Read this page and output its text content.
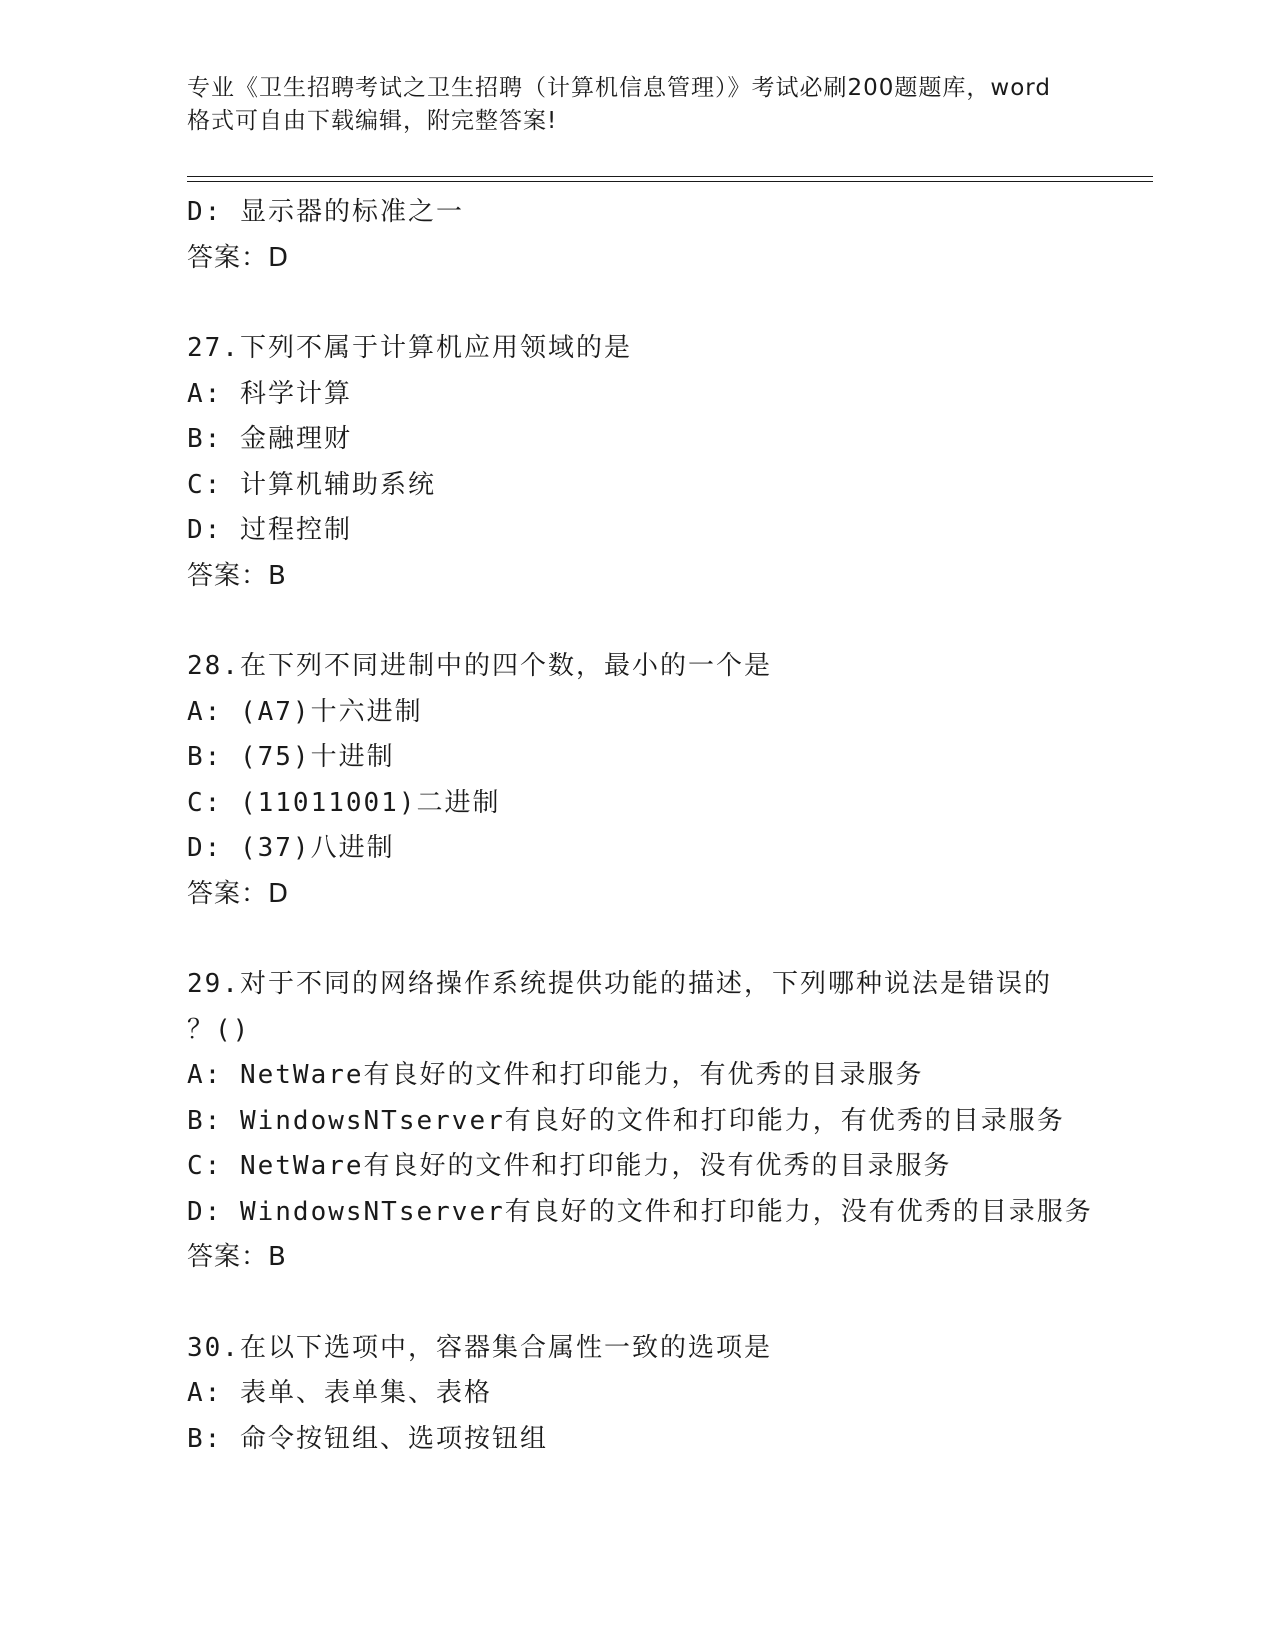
专业《卫生招聘考试之卫生招聘（计算机信息管理）》考试必刷200题题库，word
格式可自由下载编辑，附完整答案!
D: 显示器的标准之一
答案：D
27.下列不属于计算机应用领域的是
A: 科学计算
B: 金融理财
C: 计算机辅助系统
D: 过程控制
答案：B
28.在下列不同进制中的四个数，最小的一个是
A: (A7)十六进制
B: (75)十进制
C: (11011001)二进制
D: (37)八进制
答案：D
29.对于不同的网络操作系统提供功能的描述，下列哪种说法是错误的
？()
A: NetWare有良好的文件和打印能力，有优秀的目录服务
B: WindowsNTserver有良好的文件和打印能力，有优秀的目录服务
C: NetWare有良好的文件和打印能力，没有优秀的目录服务
D: WindowsNTserver有良好的文件和打印能力，没有优秀的目录服务
答案：B
30.在以下选项中，容器集合属性一致的选项是
A: 表单、表单集、表格
B: 命令按钮组、选项按钮组
